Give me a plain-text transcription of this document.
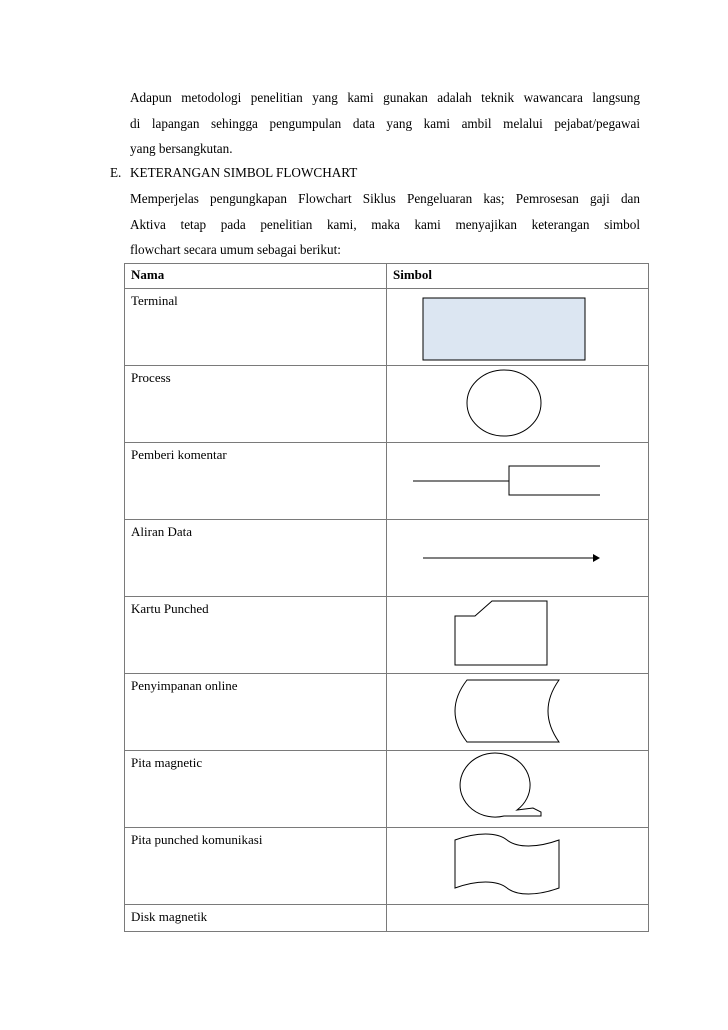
Adapun metodologi penelitian yang kami gunakan adalah teknik wawancara langsung
di lapangan sehingga pengumpulan data yang kami ambil melalui pejabat/pegawai
yang bersangkutan.
E. KETERANGAN SIMBOL FLOWCHART
Memperjelas pengungkapan Flowchart Siklus Pengeluaran kas; Pemrosesan gaji dan
Aktiva tetap pada penelitian kami, maka kami menyajikan keterangan simbol
flowchart secara umum sebagai berikut:
Nama	Simbol
Terminal	

Process	

Pemberi komentar	

Aliran Data	

Kartu Punched	

Penyimpanan online	

Pita magnetic	

Pita punched komunikasi	

Disk magnetik	
